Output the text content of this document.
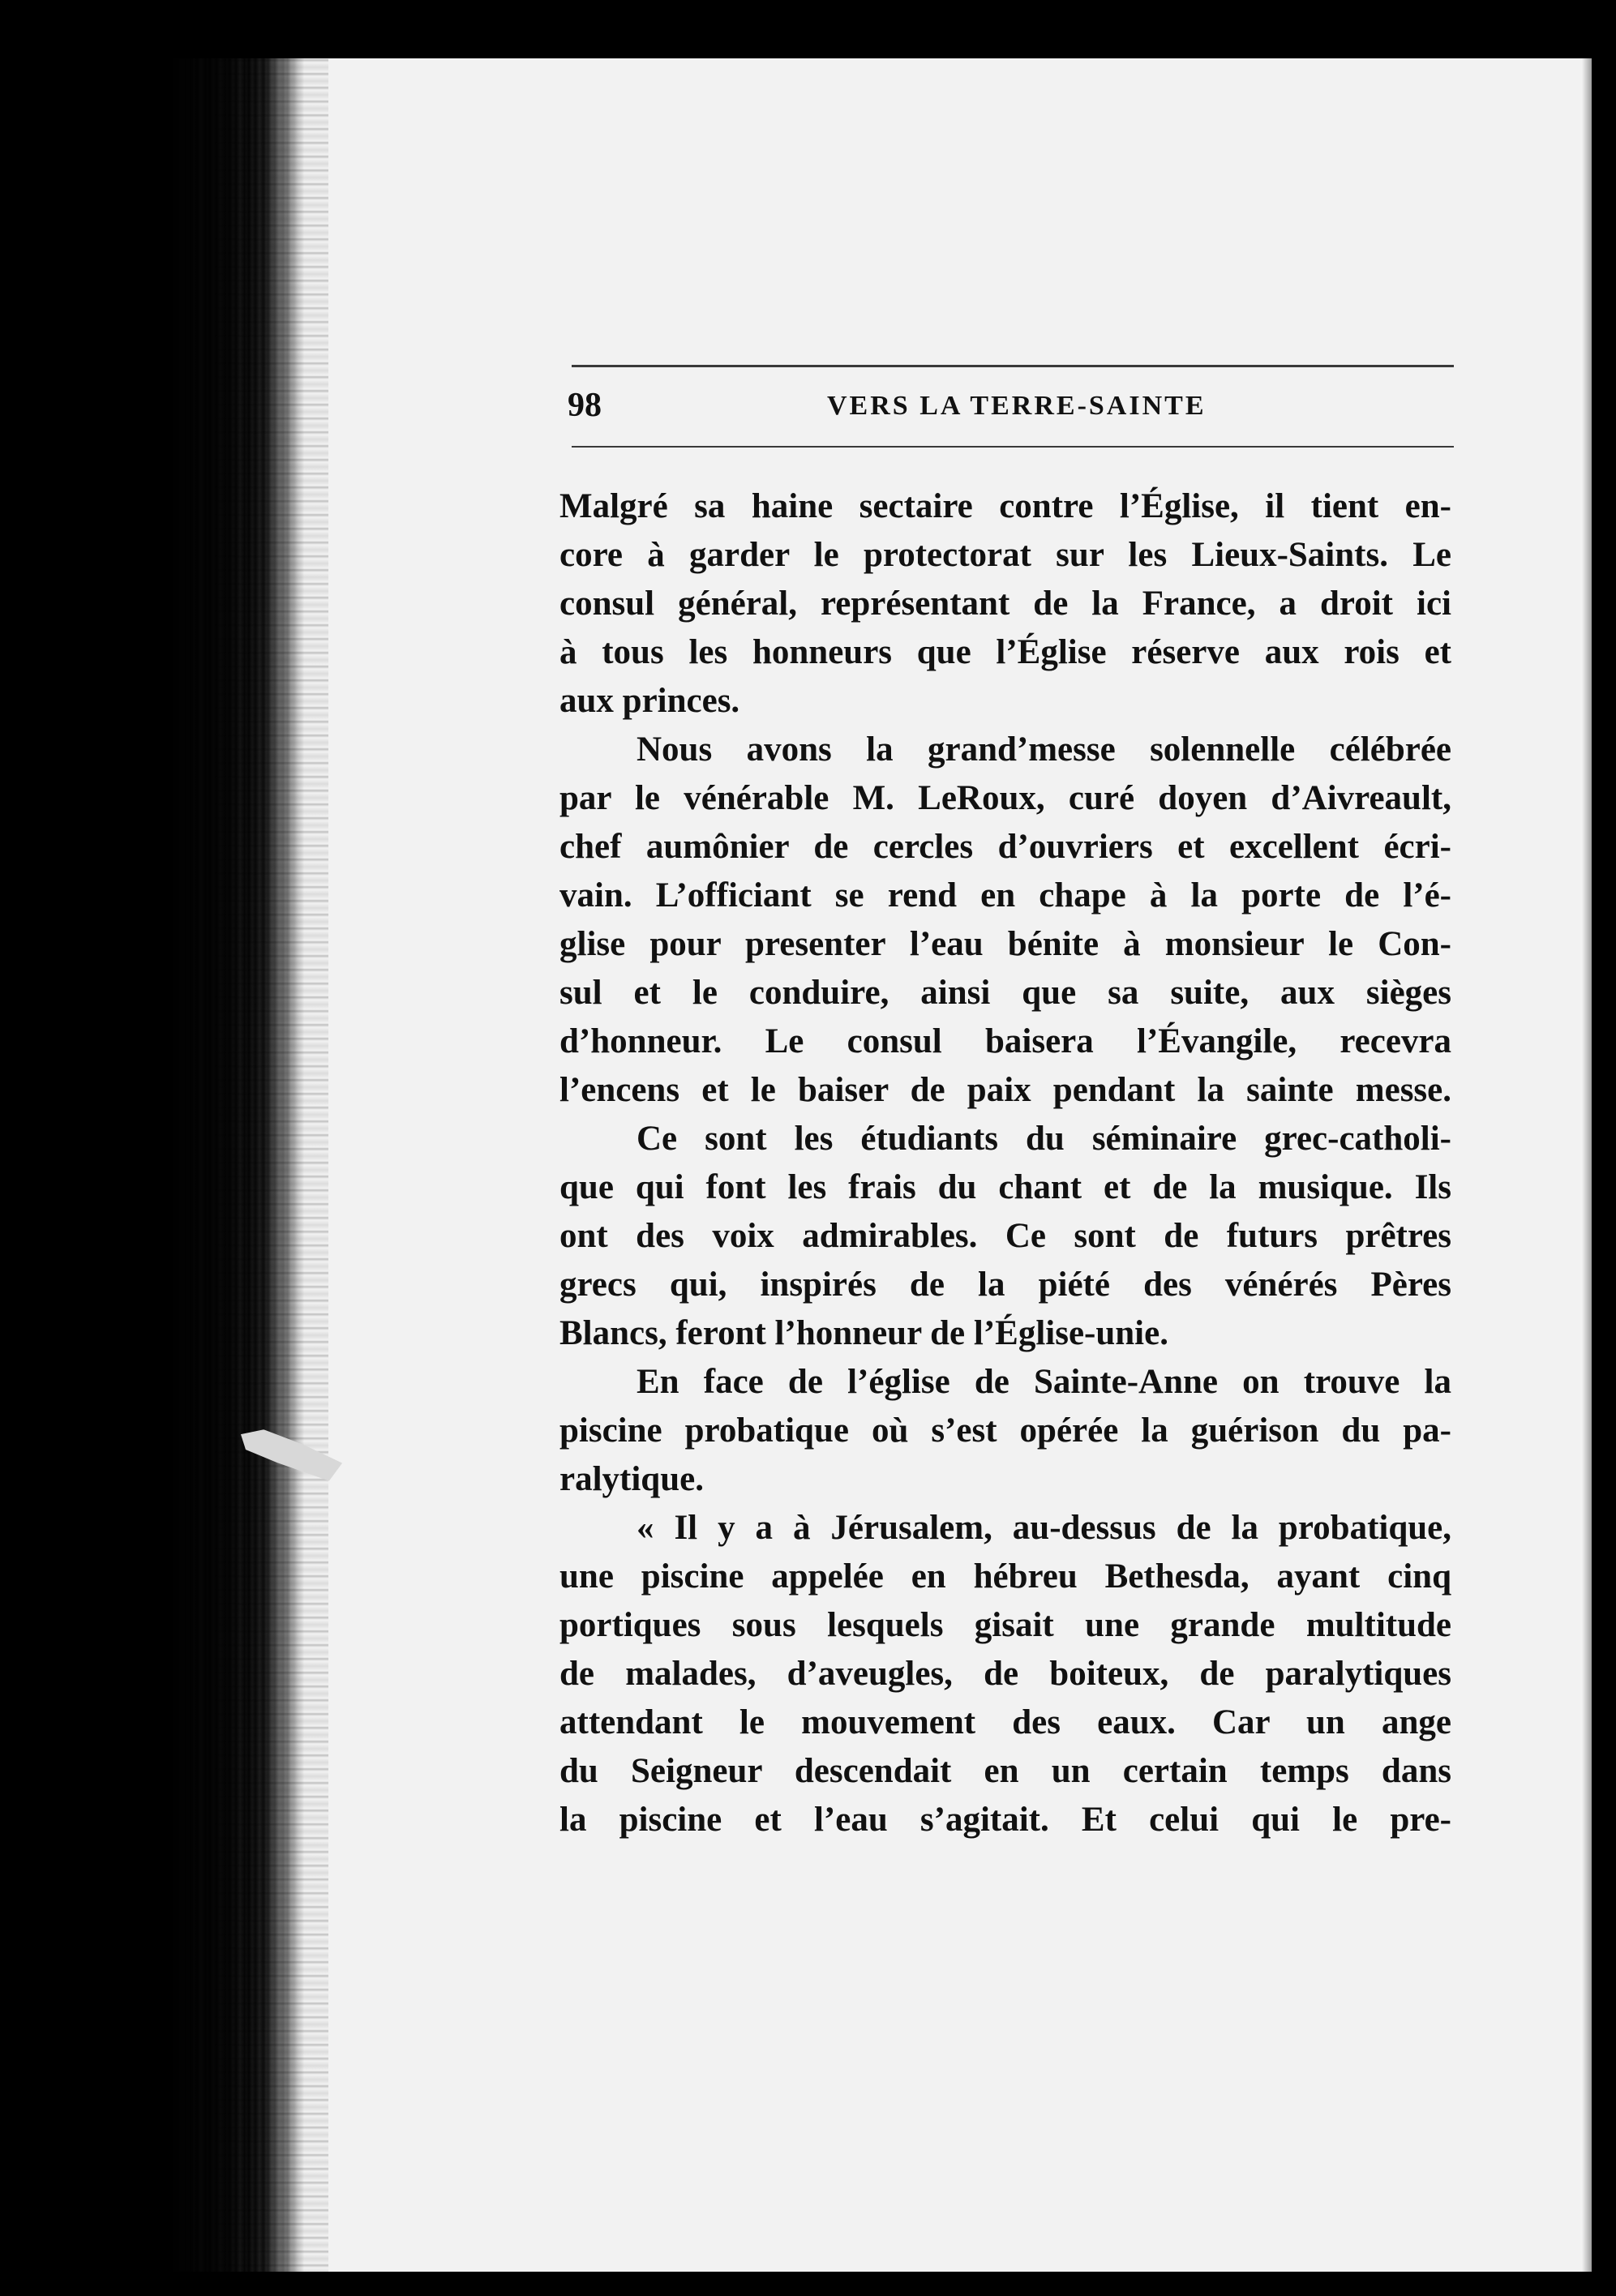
98	VERS LA TERRE-SAINTE
Malgré sa haine sectaire contre l’Église, il tient en-
core à garder le protectorat sur les Lieux-Saints. Le
consul général, représentant de la France, a droit ici
à tous les honneurs que l’Église réserve aux rois et
aux princes.
Nous avons la grand’messe solennelle célébrée
par le vénérable M. LeRoux, curé doyen d’Aivreault,
chef aumônier de cercles d’ouvriers et excellent écri-
vain. L’officiant se rend en chape à la porte de l’é-
glise pour presenter l’eau bénite à monsieur le Con-
sul et le conduire, ainsi que sa suite, aux sièges
d’honneur. Le consul baisera l’Évangile, recevra
l’encens et le baiser de paix pendant la sainte messe.
Ce sont les étudiants du séminaire grec-catholi-
que qui font les frais du chant et de la musique. Ils
ont des voix admirables. Ce sont de futurs prêtres
grecs qui, inspirés de la piété des vénérés Pères
Blancs, feront l’honneur de l’Église-unie.
En face de l’église de Sainte-Anne on trouve la
piscine probatique où s’est opérée la guérison du pa-
ralytique.
« Il y a à Jérusalem, au-dessus de la probatique,
une piscine appelée en hébreu Bethesda, ayant cinq
portiques sous lesquels gisait une grande multitude
de malades, d’aveugles, de boiteux, de paralytiques
attendant le mouvement des eaux. Car un ange
du Seigneur descendait en un certain temps dans
la piscine et l’eau s’agitait. Et celui qui le pre-
